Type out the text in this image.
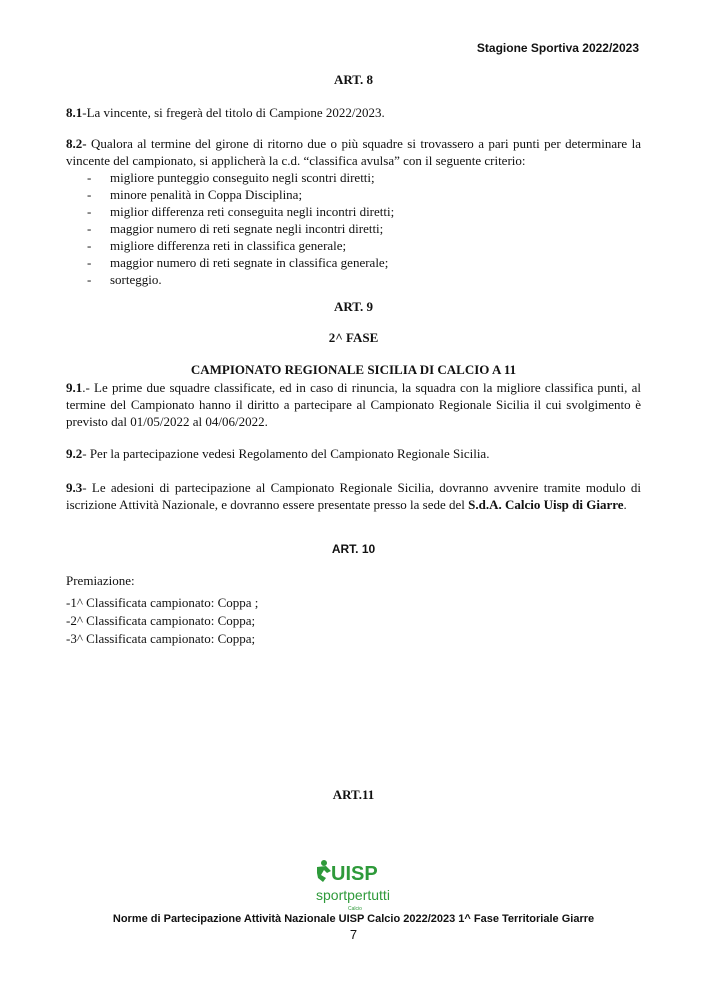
Stagione Sportiva 2022/2023
ART. 8
8.1-La vincente, si fregerà del titolo di Campione 2022/2023.
8.2- Qualora al termine del girone di ritorno due o più squadre si trovassero a pari punti per determinare la vincente del campionato, si applicherà la c.d. “classifica avulsa” con il seguente criterio:
- migliore punteggio conseguito negli scontri diretti;
- minore penalità in Coppa Disciplina;
- miglior differenza reti conseguita negli incontri diretti;
- maggior numero di reti segnate negli incontri diretti;
- migliore differenza reti in classifica generale;
- maggior numero di reti segnate in classifica generale;
- sorteggio.
ART. 9
2^ FASE
CAMPIONATO REGIONALE SICILIA DI CALCIO A 11
9.1.- Le prime due squadre classificate, ed in caso di rinuncia, la squadra con la migliore classifica punti, al termine del Campionato hanno il diritto a partecipare al Campionato Regionale Sicilia il cui svolgimento è previsto dal 01/05/2022 al 04/06/2022.
9.2- Per la partecipazione vedesi Regolamento del Campionato Regionale Sicilia.
9.3- Le adesioni di partecipazione al Campionato Regionale Sicilia, dovranno avvenire tramite modulo di iscrizione Attività Nazionale, e dovranno essere presentate presso la sede del S.d.A. Calcio Uisp di Giarre.
ART. 10
Premiazione:
-1^ Classificata campionato: Coppa ;
-2^ Classificata campionato: Coppa;
-3^ Classificata campionato: Coppa;
ART.11
UISP
sportpertutti
Calcio
Norme di Partecipazione Attività Nazionale UISP Calcio 2022/2023 1^ Fase Territoriale Giarre
7
